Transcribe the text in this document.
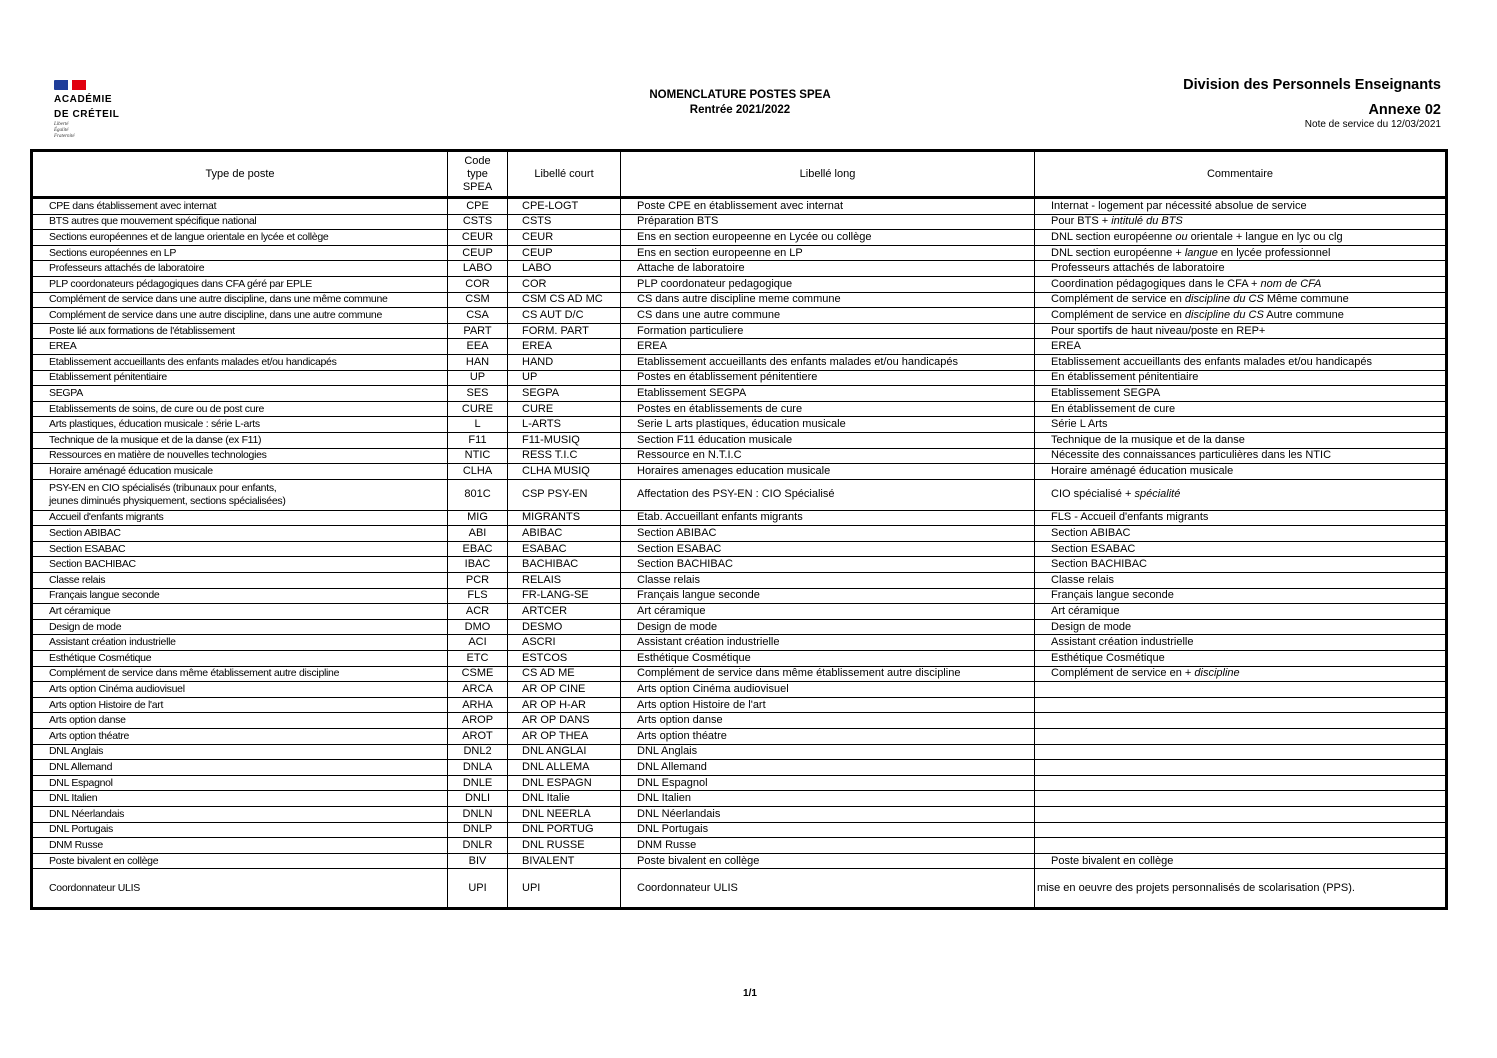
ACADÉMIE
DE CRÉTEIL
Liberté
Égalité
Fraternité
NOMENCLATURE POSTES SPEA
Rentrée 2021/2022
Division des Personnels Enseignants
Annexe 02
Note de service du 12/03/2021
Type de poste	Code
type
SPEA	Libellé court	Libellé long	Commentaire
CPE dans établissement avec internat	CPE	CPE-LOGT	Poste CPE en établissement avec internat	Internat - logement par nécessité absolue de service
BTS autres que mouvement spécifique national	CSTS	CSTS	Préparation BTS	Pour BTS + intitulé du BTS
Sections européennes et de langue orientale en lycée et collège	CEUR	CEUR	Ens en section europeenne en Lycée ou collège	DNL section européenne ou orientale + langue en lyc ou clg
Sections européennes en LP	CEUP	CEUP	Ens en section europeenne en LP	DNL section européenne + langue en lycée professionnel
Professeurs attachés de laboratoire	LABO	LABO	Attache de laboratoire	Professeurs attachés de laboratoire
PLP coordonateurs pédagogiques dans CFA géré par EPLE	COR	COR	PLP coordonateur pedagogique	Coordination pédagogiques dans le CFA + nom de CFA
Complément de service dans une autre discipline, dans une même commune	CSM	CSM CS AD MC	CS dans autre discipline meme commune	Complément de service en discipline du CS Même commune
Complément de service dans une autre discipline, dans une autre commune	CSA	CS AUT D/C	CS dans une autre commune	Complément de service en discipline du CS Autre commune
Poste lié aux formations de l'établissement	PART	FORM. PART	Formation particuliere	Pour sportifs de haut niveau/poste en REP+
EREA	EEA	EREA	EREA	EREA
Etablissement accueillants des enfants malades et/ou handicapés	HAN	HAND	Etablissement accueillants des enfants malades et/ou handicapés	Etablissement accueillants des enfants malades et/ou handicapés
Etablissement pénitentiaire	UP	UP	Postes en établissement pénitentiere	En établissement pénitentiaire
SEGPA	SES	SEGPA	Etablissement SEGPA	Etablissement SEGPA
Etablissements de soins, de cure ou de post cure	CURE	CURE	Postes en établissements de cure	En établissement de cure
Arts plastiques, éducation musicale : série L-arts	L	L-ARTS	Serie L arts plastiques, éducation musicale	Série L Arts
Technique de la musique et de la danse (ex F11)	F11	F11-MUSIQ	Section F11 éducation musicale	Technique de la musique et de la danse
Ressources en matière de nouvelles technologies	NTIC	RESS T.I.C	Ressource en N.T.I.C	Nécessite des connaissances particulières dans les NTIC
Horaire aménagé éducation musicale	CLHA	CLHA MUSIQ	Horaires amenages education musicale	Horaire aménagé éducation musicale

PSY-EN en CIO spécialisés (tribunaux pour enfants,
jeunes diminués physiquement, sections spécialisées)	801C	CSP PSY-EN	Affectation des PSY-EN : CIO Spécialisé	CIO spécialisé + spécialité
Accueil d'enfants migrants	MIG	MIGRANTS	Etab. Accueillant enfants migrants	FLS - Accueil d'enfants migrants
Section ABIBAC	ABI	ABIBAC	Section ABIBAC	Section ABIBAC
Section ESABAC	EBAC	ESABAC	Section ESABAC	Section ESABAC
Section BACHIBAC	IBAC	BACHIBAC	Section BACHIBAC	Section BACHIBAC
Classe relais	PCR	RELAIS	Classe relais	Classe relais
Français langue seconde	FLS	FR-LANG-SE	Français langue seconde	Français langue seconde
Art céramique	ACR	ARTCER	Art céramique	Art céramique
Design de mode	DMO	DESMO	Design de mode	Design de mode
Assistant création industrielle	ACI	ASCRI	Assistant création industrielle	Assistant création industrielle
Esthétique Cosmétique	ETC	ESTCOS	Esthétique Cosmétique	Esthétique Cosmétique
Complément de service dans même établissement autre discipline	CSME	CS AD ME	Complément de service dans même établissement autre discipline	Complément de service en + discipline
Arts option Cinéma audiovisuel	ARCA	AR OP CINE	Arts option Cinéma audiovisuel	
Arts option Histoire de l'art	ARHA	AR OP H-AR	Arts option Histoire de l'art	
Arts option danse	AROP	AR OP DANS	Arts option danse	
Arts option théatre	AROT	AR OP THEA	Arts option théatre	
DNL Anglais	DNL2	DNL ANGLAI	DNL Anglais	
DNL Allemand	DNLA	DNL ALLEMA	DNL Allemand	
DNL Espagnol	DNLE	DNL ESPAGN	DNL Espagnol	
DNL Italien	DNLI	DNL Italie	DNL Italien	
DNL Néerlandais	DNLN	DNL NEERLA	DNL Néerlandais	
DNL Portugais	DNLP	DNL PORTUG	DNL Portugais	
DNM Russe	DNLR	DNL RUSSE	DNM Russe	
Poste bivalent en collège	BIV	BIVALENT	Poste bivalent en collège	Poste bivalent en collège
Coordonnateur ULIS	UPI	UPI	Coordonnateur ULIS	mise en oeuvre des projets personnalisés de scolarisation (PPS).
1/1
